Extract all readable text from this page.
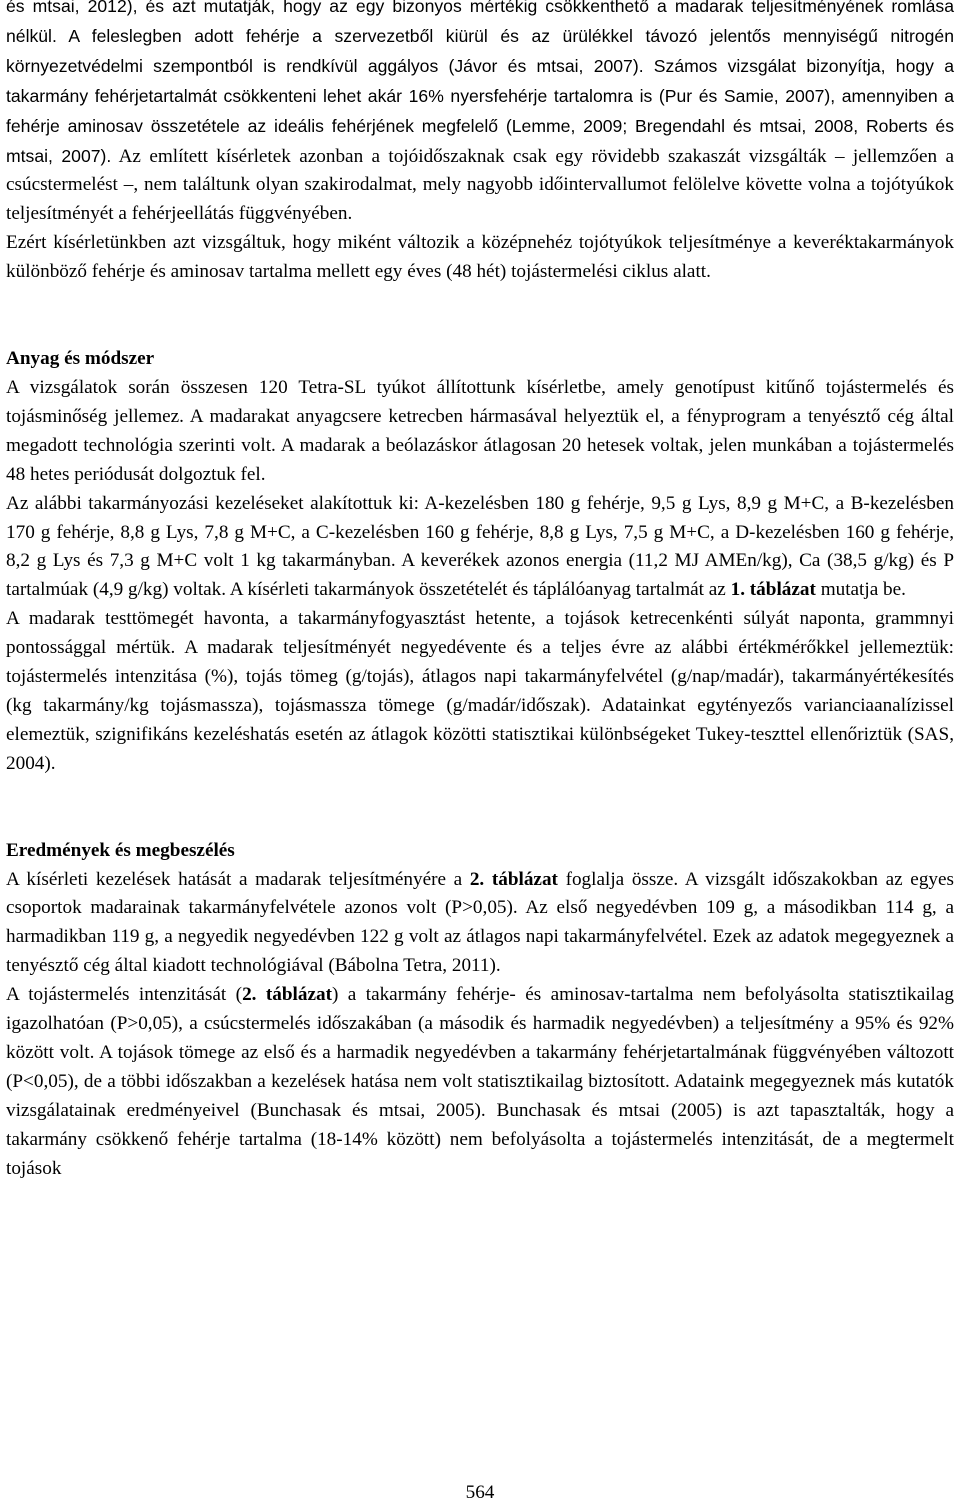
és mtsai, 2012), és azt mutatják, hogy az egy bizonyos mértékig csökkenthető a madarak teljesítményének romlása nélkül. A feleslegben adott fehérje a szervezetből kiürül és az ürülékkel távozó jelentős mennyiségű nitrogén környezetvédelmi szempontból is rendkívül aggályos (Jávor és mtsai, 2007). Számos vizsgálat bizonyítja, hogy a takarmány fehérjetartalmát csökkenteni lehet akár 16% nyersfehérje tartalomra is (Pur és Samie, 2007), amennyiben a fehérje aminosav összetétele az ideális fehérjének megfelelő (Lemme, 2009; Bregendahl és mtsai, 2008, Roberts és mtsai, 2007). Az említett kísérletek azonban a tojóidőszaknak csak egy rövidebb szakaszát vizsgálták – jellemzően a csúcstermelést –, nem találtunk olyan szakirodalmat, mely nagyobb időintervallumot felölelve követte volna a tojótyúkok teljesítményét a fehérjeellátás függvényében.

Ezért kísérletünkben azt vizsgáltuk, hogy miként változik a középnehéz tojótyúkok teljesítménye a keveréktakarmányok különböző fehérje és aminosav tartalma mellett egy éves (48 hét) tojástermelési ciklus alatt.

Anyag és módszer

A vizsgálatok során összesen 120 Tetra-SL tyúkot állítottunk kísérletbe, amely genotípust kitűnő tojástermelés és tojásminőség jellemez. A madarakat anyagcsere ketrecben hármasával helyeztük el, a fényprogram a tenyésztő cég által megadott technológia szerinti volt. A madarak a beólazáskor átlagosan 20 hetesek voltak, jelen munkában a tojástermelés 48 hetes periódusát dolgoztuk fel.

Az alábbi takarmányozási kezeléseket alakítottuk ki: A-kezelésben 180 g fehérje, 9,5 g Lys, 8,9 g M+C, a B-kezelésben 170 g fehérje, 8,8 g Lys, 7,8 g M+C, a C-kezelésben 160 g fehérje, 8,8 g Lys, 7,5 g M+C, a D-kezelésben 160 g fehérje, 8,2 g Lys és 7,3 g M+C volt 1 kg takarmányban. A keverékek azonos energia (11,2 MJ AMEn/kg), Ca (38,5 g/kg) és P tartalmúak (4,9 g/kg) voltak. A kísérleti takarmányok összetételét és táplálóanyag tartalmát az 1. táblázat mutatja be.

A madarak testtömegét havonta, a takarmányfogyasztást hetente, a tojások ketrecenkénti súlyát naponta, grammnyi pontossággal mértük. A madarak teljesítményét negyedévente és a teljes évre az alábbi értékmérőkkel jellemeztük: tojástermelés intenzitása (%), tojás tömeg (g/tojás), átlagos napi takarmányfelvétel (g/nap/madár), takarmányértékesítés (kg takarmány/kg tojásmassza), tojásmassza tömege (g/madár/időszak). Adatainkat egytényezős varianciaanalízissel elemeztük, szignifikáns kezeléshatás esetén az átlagok közötti statisztikai különbségeket Tukey-teszttel ellenőriztük (SAS, 2004).

Eredmények és megbeszélés

A kísérleti kezelések hatását a madarak teljesítményére a 2. táblázat foglalja össze. A vizsgált időszakokban az egyes csoportok madarainak takarmányfelvétele azonos volt (P>0,05). Az első negyedévben 109 g, a másodikban 114 g, a harmadikban 119 g, a negyedik negyedévben 122 g volt az átlagos napi takarmányfelvétel. Ezek az adatok megegyeznek a tenyésztő cég által kiadott technológiával (Bábolna Tetra, 2011).

A tojástermelés intenzitását (2. táblázat) a takarmány fehérje- és aminosav-tartalma nem befolyásolta statisztikailag igazolhatóan (P>0,05), a csúcstermelés időszakában (a második és harmadik negyedévben) a teljesítmény a 95% és 92% között volt. A tojások tömege az első és a harmadik negyedévben a takarmány fehérjetartalmának függvényében változott (P<0,05), de a többi időszakban a kezelések hatása nem volt statisztikailag biztosított. Adataink megegyeznek más kutatók vizsgálatainak eredményeivel (Bunchasak és mtsai, 2005). Bunchasak és mtsai (2005) is azt tapasztalták, hogy a takarmány csökkenő fehérje tartalma (18-14% között) nem befolyásolta a tojástermelés intenzitását, de a megtermelt tojások

564
